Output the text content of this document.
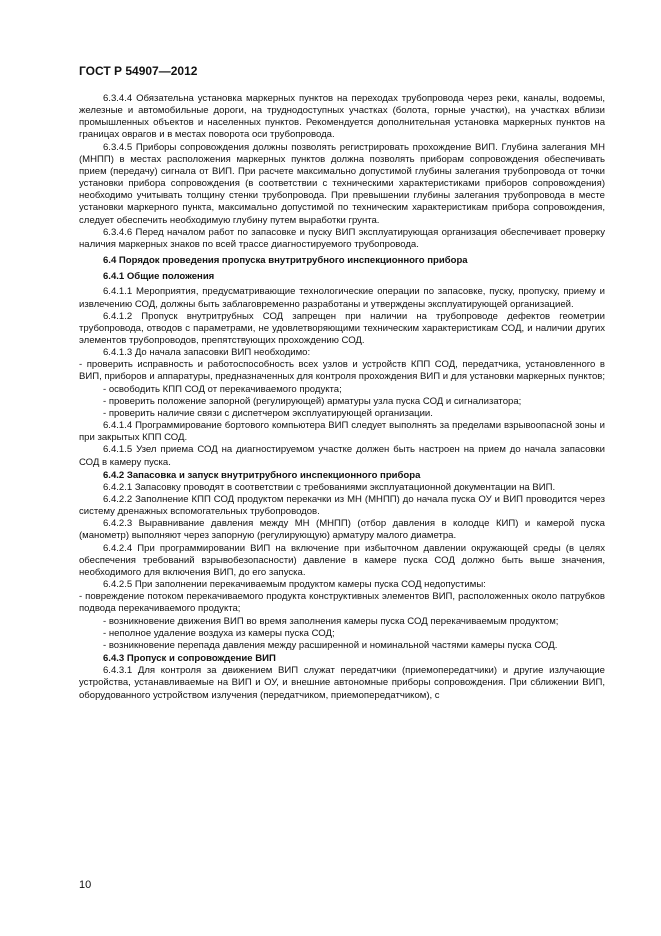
ГОСТ Р 54907—2012

6.3.4.4 Обязательна установка маркерных пунктов на переходах трубопровода через реки, каналы, водоемы, железные и автомобильные дороги, на труднодоступных участках (болота, горные участки), на участках вблизи промышленных объектов и населенных пунктов. Рекомендуется дополнительная установка маркерных пунктов на границах оврагов и в местах поворота оси трубопровода.

6.3.4.5 Приборы сопровождения должны позволять регистрировать прохождение ВИП. Глубина залегания МН (МНПП) в местах расположения маркерных пунктов должна позволять приборам сопровождения обеспечивать прием (передачу) сигнала от ВИП. При расчете максимально допустимой глубины залегания трубопровода от точки установки прибора сопровождения (в соответствии с техническими характеристиками приборов сопровождения) необходимо учитывать толщину стенки трубопровода. При превышении глубины залегания трубопровода в месте установки маркерного пункта, максимально допустимой по техническим характеристикам прибора сопровождения, следует обеспечить необходимую глубину путем выработки грунта.

6.3.4.6 Перед началом работ по запасовке и пуску ВИП эксплуатирующая организация обеспечивает проверку наличия маркерных знаков по всей трассе диагностируемого трубопровода.

6.4 Порядок проведения пропуска внутритрубного инспекционного прибора

6.4.1 Общие положения

6.4.1.1 Мероприятия, предусматривающие технологические операции по запасовке, пуску, пропуску, приему и извлечению СОД, должны быть заблаговременно разработаны и утверждены эксплуатирующей организацией.

6.4.1.2 Пропуск внутритрубных СОД запрещен при наличии на трубопроводе дефектов геометрии трубопровода, отводов с параметрами, не удовлетворяющими техническим характеристикам СОД, и наличии других элементов трубопроводов, препятствующих прохождению СОД.

6.4.1.3 До начала запасовки ВИП необходимо:

- проверить исправность и работоспособность всех узлов и устройств КПП СОД, передатчика, установленного в ВИП, приборов и аппаратуры, предназначенных для контроля прохождения ВИП и для установки маркерных пунктов;

- освободить КПП СОД от перекачиваемого продукта;

- проверить положение запорной (регулирующей) арматуры узла пуска СОД и сигнализатора;

- проверить наличие связи с диспетчером эксплуатирующей организации.

6.4.1.4 Программирование бортового компьютера ВИП следует выполнять за пределами взрывоопасной зоны и при закрытых КПП СОД.

6.4.1.5 Узел приема СОД на диагностируемом участке должен быть настроен на прием до начала запасовки СОД в камеру пуска.

6.4.2 Запасовка и запуск внутритрубного инспекционного прибора

6.4.2.1 Запасовку проводят в соответствии с требованиями эксплуатационной документации на ВИП.

6.4.2.2 Заполнение КПП СОД продуктом перекачки из МН (МНПП) до начала пуска ОУ и ВИП проводится через систему дренажных вспомогательных трубопроводов.

6.4.2.3 Выравнивание давления между МН (МНПП) (отбор давления в колодце КИП) и камерой пуска (манометр) выполняют через запорную (регулирующую) арматуру малого диаметра.

6.4.2.4 При программировании ВИП на включение при избыточном давлении окружающей среды (в целях обеспечения требований взрывобезопасности) давление в камере пуска СОД должно быть выше значения, необходимого для включения ВИП, до его запуска.

6.4.2.5 При заполнении перекачиваемым продуктом камеры пуска СОД недопустимы:

- повреждение потоком перекачиваемого продукта конструктивных элементов ВИП, расположенных около патрубков подвода перекачиваемого продукта;

- возникновение движения ВИП во время заполнения камеры пуска СОД перекачиваемым продуктом;

- неполное удаление воздуха из камеры пуска СОД;

- возникновение перепада давления между расширенной и номинальной частями камеры пуска СОД.

6.4.3 Пропуск и сопровождение ВИП

6.4.3.1 Для контроля за движением ВИП служат передатчики (приемопередатчики) и другие излучающие устройства, устанавливаемые на ВИП и ОУ, и внешние автономные приборы сопровождения. При сближении ВИП, оборудованного устройством излучения (передатчиком, приемопередатчиком), с

10
